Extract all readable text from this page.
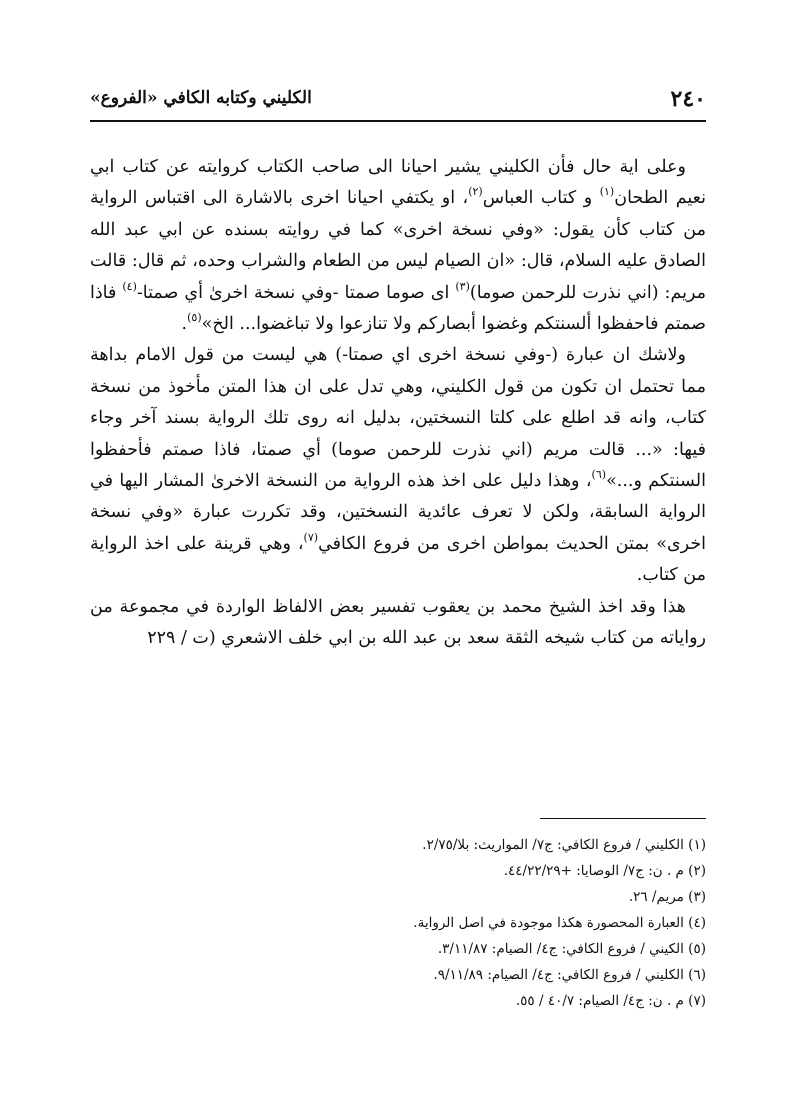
٢٤٠
الكليني وكتابه الكافي «الفروع»

وعلى اية حال فأن الكليني يشير احيانا الى صاحب الكتاب كروايته عن كتاب ابي نعيم الطحان$^{(١)}$ و كتاب العباس$^{(٢)}$، او يكتفي احيانا اخرى بالاشارة الى اقتباس الرواية من كتاب كأن يقول: «وفي نسخة اخرى» كما في روايته بسنده عن ابي عبد الله الصادق عليه السلام، قال: «ان الصيام ليس من الطعام والشراب وحده، ثم قال: قالت مريم: (اني نذرت للرحمن صوما)$^{(٣)}$ اى صوما صمتا -وفي نسخة اخرىٰ أي صمتا-$^{(٤)}$ فاذا صمتم فاحفظوا ألسنتكم وغضوا أبصاركم ولا تنازعوا ولا تباغضوا... الخ»$^{(٥)}$.

ولاشك ان عبارة (-وفي نسخة اخرى اي صمتا-) هي ليست من قول الامام بداهة مما تحتمل ان تكون من قول الكليني، وهي تدل على ان هذا المتن مأخوذ من نسخة كتاب، وانه قد اطلع على كلتا النسختين، بدليل انه روى تلك الرواية بسند آخر وجاء فيها: «... قالت مريم (اني نذرت للرحمن صوما) أي صمتا، فاذا صمتم فأحفظوا السنتكم و...»$^{(٦)}$، وهذا دليل على اخذ هذه الرواية من النسخة الاخرىٰ المشار اليها في الرواية السابقة، ولكن لا تعرف عائدية النسختين، وقد تكررت عبارة «وفي نسخة اخرى» بمتن الحديث بمواطن اخرى من فروع الكافي$^{(٧)}$، وهي قرينة على اخذ الرواية من كتاب.

هذا وقد اخذ الشيخ محمد بن يعقوب تفسير بعض الالفاظ الواردة في مجموعة من رواياته من كتاب شيخه الثقة سعد بن عبد الله بن ابي خلف الاشعري (ت / ٢٢٩

(١) الكليني / فروع الكافي: ج٧/ المواريث: بلا/٢/٧٥.
(٢) م . ن: ج٧/ الوصايا: +٤٤/٢٢/٢٩.
(٣) مريم/ ٢٦.
(٤) العبارة المحصورة هكذا موجودة في اصل الرواية.
(٥) الكيني / فروع الكافي: ج٤/ الصيام: ٣/١١/٨٧.
(٦) الكليني / فروع الكافي: ج٤/ الصيام: ٩/١١/٨٩.
(٧) م . ن: ج٤/ الصيام: ٤٠/٧ / ٥٥.
